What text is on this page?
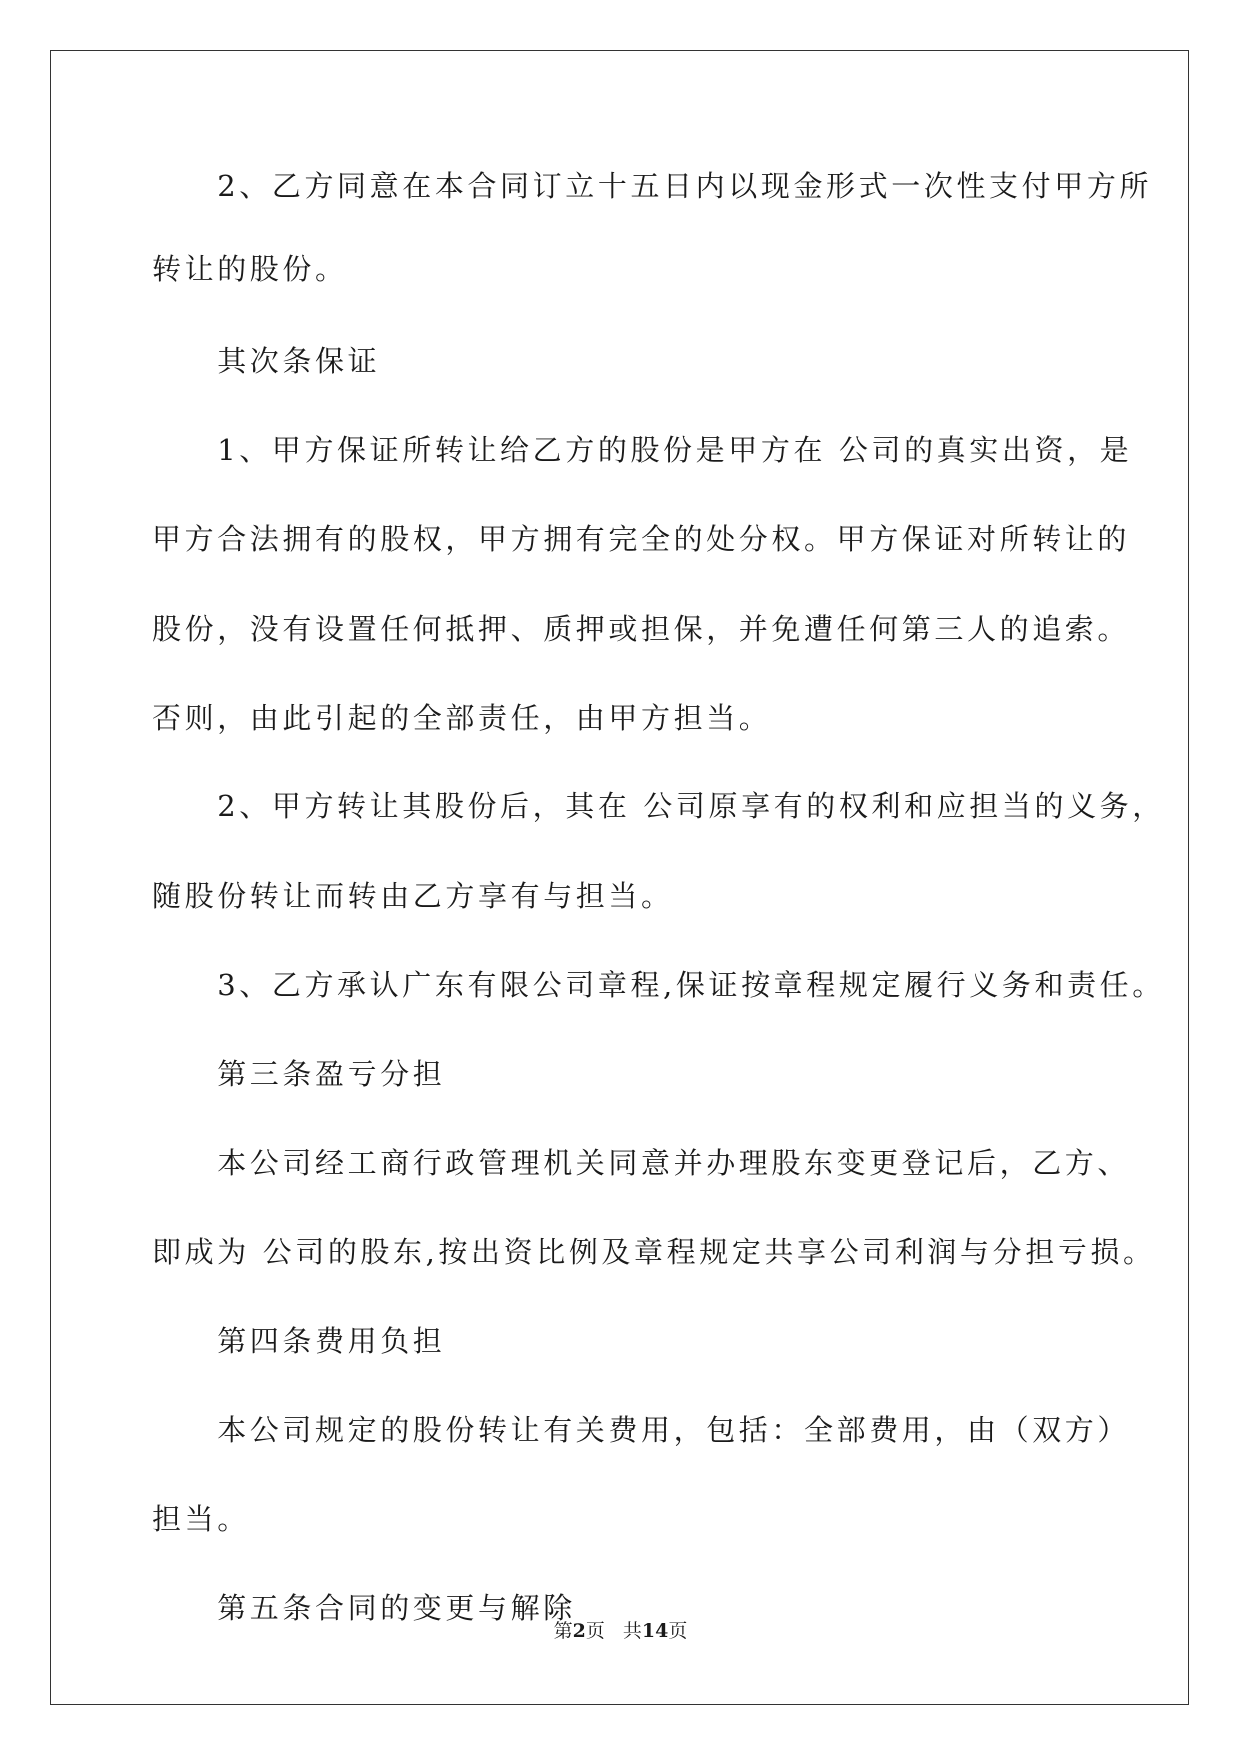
　　2、乙方同意在本合同订立十五日内以现金形式一次性支付甲方所
转让的股份。
　　其次条保证
　　1、甲方保证所转让给乙方的股份是甲方在 公司的真实出资，是
甲方合法拥有的股权，甲方拥有完全的处分权。甲方保证对所转让的
股份，没有设置任何抵押、质押或担保，并免遭任何第三人的追索。
否则，由此引起的全部责任，由甲方担当。
　　2、甲方转让其股份后，其在 公司原享有的权利和应担当的义务，
随股份转让而转由乙方享有与担当。
　　3、乙方承认广东有限公司章程,保证按章程规定履行义务和责任。
　　第三条盈亏分担
　　本公司经工商行政管理机关同意并办理股东变更登记后，乙方、
即成为 公司的股东,按出资比例及章程规定共享公司利润与分担亏损。
　　第四条费用负担
　　本公司规定的股份转让有关费用，包括：全部费用，由（双方）
担当。
　　第五条合同的变更与解除
第2页 共14页
